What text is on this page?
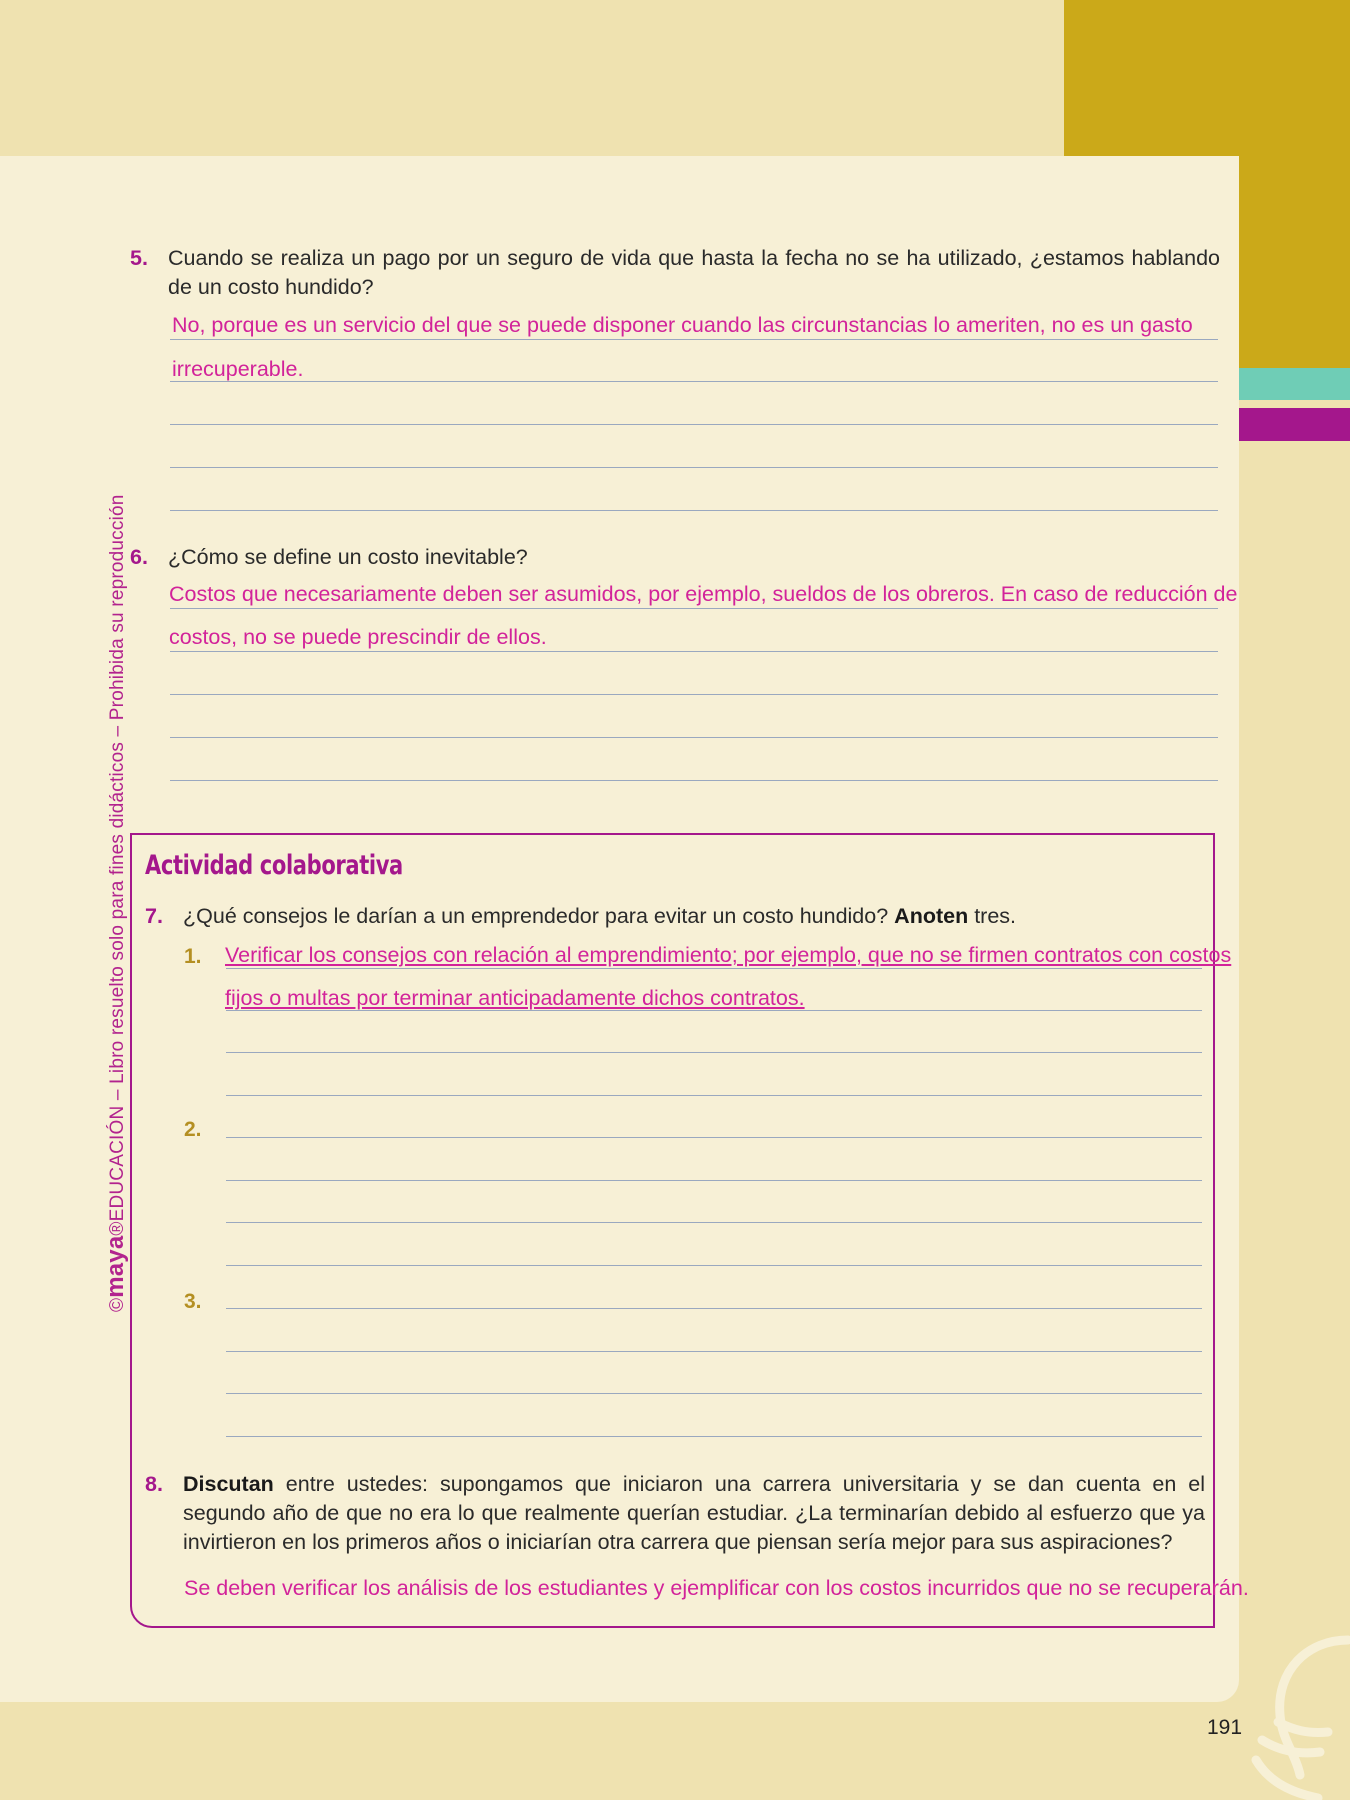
©maya®EDUCACIÓN – Libro resuelto solo para fines didácticos – Prohibida su reproducción
191
5. Cuando se realiza un pago por un seguro de vida que hasta la fecha no se ha utilizado, ¿estamos hablando de un costo hundido?
No, porque es un servicio del que se puede disponer cuando las circunstancias lo ameriten, no es un gasto
irrecuperable.
6. ¿Cómo se define un costo inevitable?
Costos que necesariamente deben ser asumidos, por ejemplo, sueldos de los obreros. En caso de reducción de
costos, no se puede prescindir de ellos.
Actividad colaborativa
7. ¿Qué consejos le darían a un emprendedor para evitar un costo hundido? Anoten tres.
1. Verificar los consejos con relación al emprendimiento; por ejemplo, que no se firmen contratos con costos
fijos o multas por terminar anticipadamente dichos contratos.
2.
3.
8. Discutan entre ustedes: supongamos que iniciaron una carrera universitaria y se dan cuenta en el segundo año de que no era lo que realmente querían estudiar. ¿La terminarían debido al esfuerzo que ya invirtieron en los primeros años o iniciarían otra carrera que piensan sería mejor para sus aspiraciones?
Se deben verificar los análisis de los estudiantes y ejemplificar con los costos incurridos que no se recuperarán.
